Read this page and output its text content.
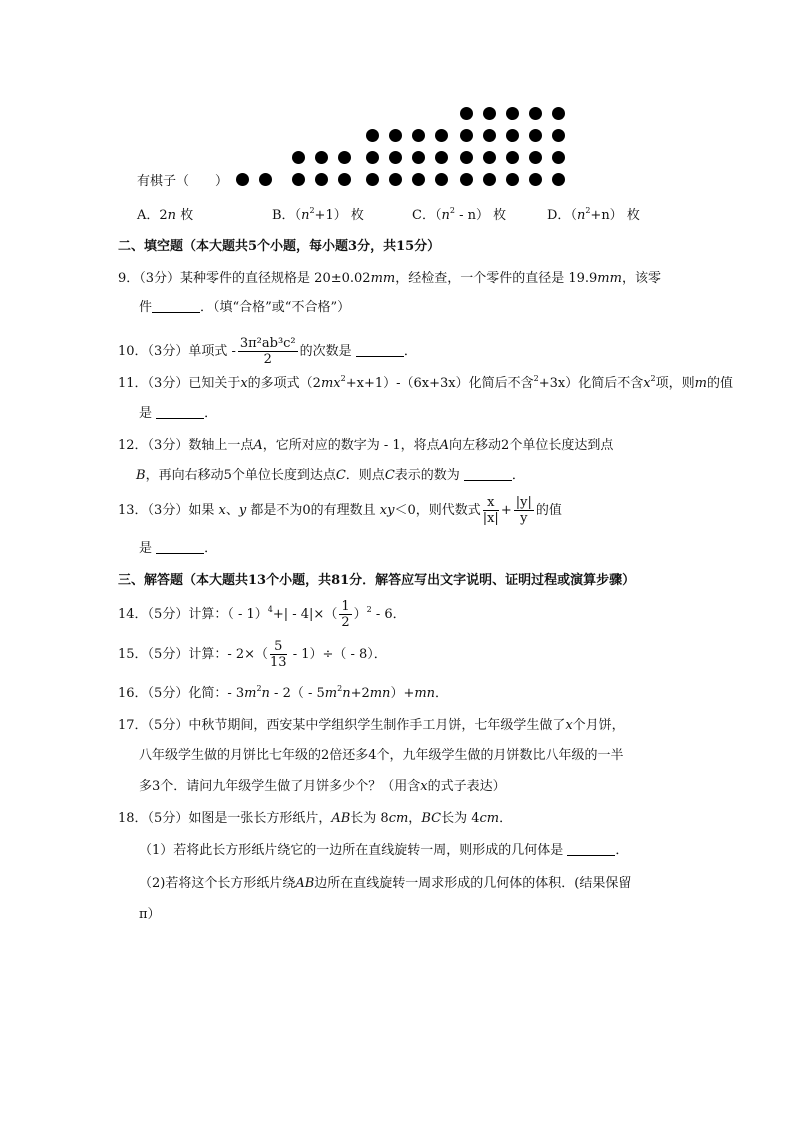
有棋子（　　）
A．2n 枚	B．$(n^2+1)$ 枚	C．$(n^2 - n)$ 枚	D．$(n^2+n)$ 枚
二、填空题（本大题共5个小题，每小题3分，共15分）
9．（3分）某种零件的直径规格是 20±0.02mm，经检查，一个零件的直径是 19.9mm，该零
件	．（填“合格”或“不合格”）
10．（3分）单项式 - $\frac{\text{3π²ab³c²}}{2}$ 的次数是	．
11．（3分）已知关于x的多项式$(2mx^2+x+1)-(6x+3x)$化简后不含$^2$+3x）化简后不含$x^2$项，则m的值
是	．
12．（3分）数轴上一点A，它所对应的数字为 - 1，将点A向左移动2个单位长度达到点
B，再向右移动5个单位长度到达点C．则点C表示的数为	．
13．（3分）如果 x、y 都是不为0的有理数且 xy＜0，则代数式 $\frac{x}{|x|} + \frac{|y|}{y}$ 的值
是	．
三、解答题（本大题共13个小题，共81分．解答应写出文字说明、证明过程或演算步骤）
14．（5分）计算：（ - $1)^4+| - 4|\times( \frac{1}{2} )^2 - 6$．
15．（5分）计算：- $2\times( \frac{5}{13} - 1)\div( - 8)$．
16．（5分）化简：- $3m^2n - 2( - 5m^2n+2mn)+mn$．
17．（5分）中秋节期间，西安某中学组织学生制作手工月饼，七年级学生做了x个月饼，
八年级学生做的月饼比七年级的2倍还多4个，九年级学生做的月饼数比八年级的一半
多3个．请问九年级学生做了月饼多少个？（用含x的式子表达）
18．（5分）如图是一张长方形纸片，AB长为 8cm，BC长为 4cm．
（1）若将此长方形纸片绕它的一边所在直线旋转一周，则形成的几何体是	．
（2)若将这个长方形纸片绕AB边所在直线旋转一周求形成的几何体的体积．(结果保留
π）
